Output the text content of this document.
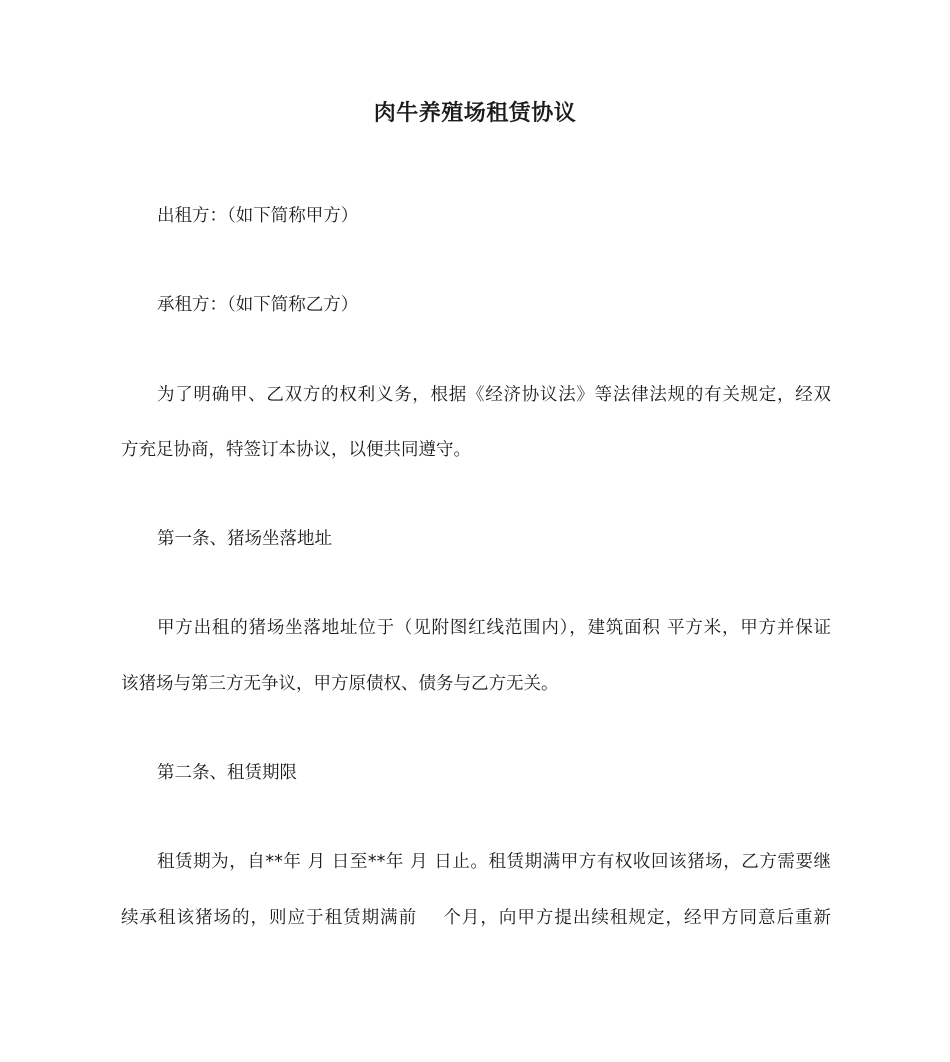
肉牛养殖场租赁协议
出租方：（如下简称甲方）
承租方：（如下简称乙方）
为了明确甲、乙双方的权利义务，根据《经济协议法》等法律法规的有关规定，经双
方充足协商，特签订本协议，以便共同遵守。
第一条、猪场坐落地址
甲方出租的猪场坐落地址位于（见附图红线范围内），建筑面积 平方米，甲方并保证
该猪场与第三方无争议，甲方原债权、债务与乙方无关。
第二条、租赁期限
租赁期为，自**年 月 日至**年 月 日止。租赁期满甲方有权收回该猪场，乙方需要继
续承租该猪场的，则应于租赁期满前    个月，向甲方提出续租规定，经甲方同意后重新
